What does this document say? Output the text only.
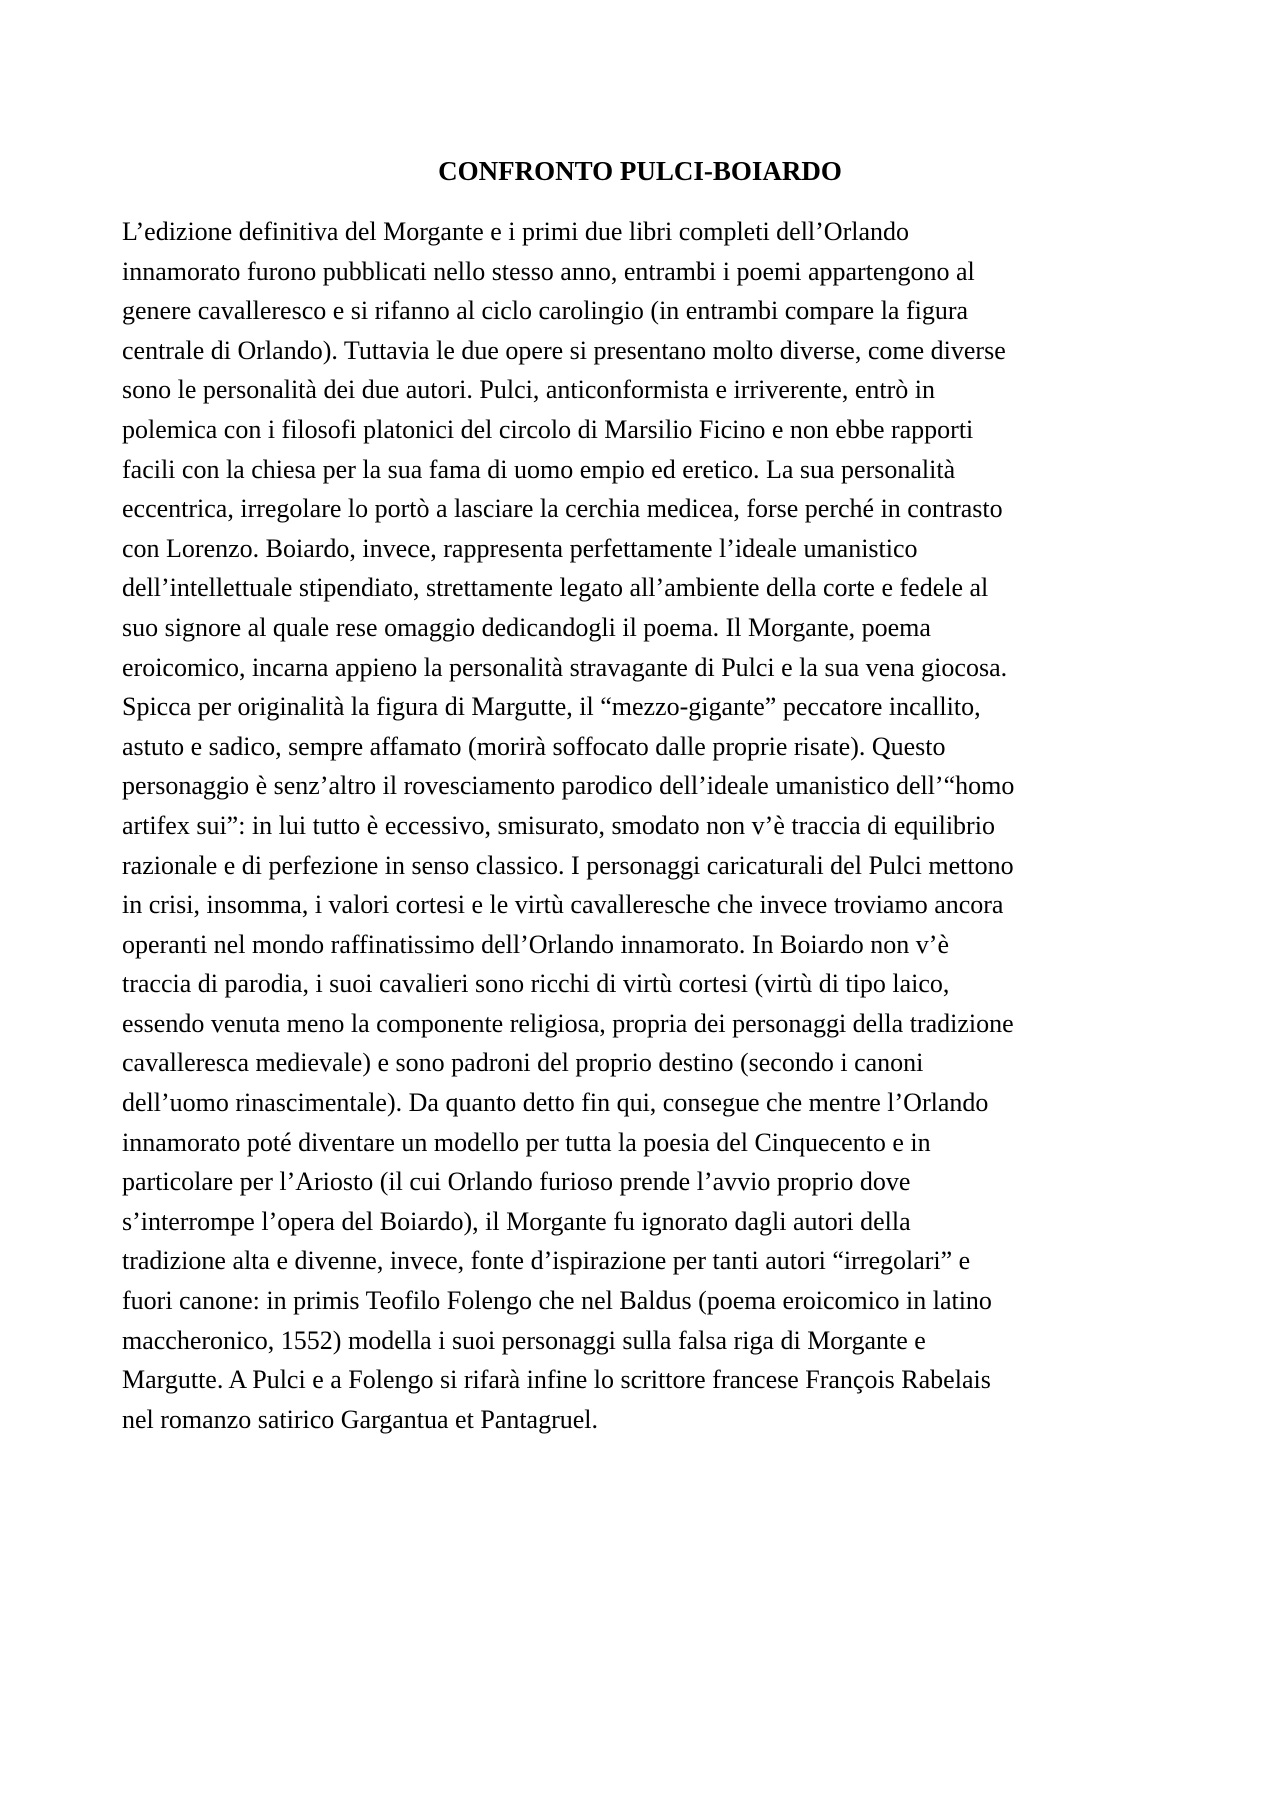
CONFRONTO PULCI-BOIARDO
L’edizione definitiva del Morgante e i primi due libri completi dell’Orlando
innamorato furono pubblicati nello stesso anno, entrambi i poemi appartengono al
genere cavalleresco e si rifanno al ciclo carolingio (in entrambi compare la figura
centrale di Orlando). Tuttavia le due opere si presentano molto diverse, come diverse
sono le personalità dei due autori. Pulci, anticonformista e irriverente, entrò in
polemica con i filosofi platonici del circolo di Marsilio Ficino e non ebbe rapporti
facili con la chiesa per la sua fama di uomo empio ed eretico. La sua personalità
eccentrica, irregolare lo portò a lasciare la cerchia medicea, forse perché in contrasto
con Lorenzo. Boiardo, invece, rappresenta perfettamente l’ideale umanistico
dell’intellettuale stipendiato, strettamente legato all’ambiente della corte e fedele al
suo signore al quale rese omaggio dedicandogli il poema. Il Morgante, poema
eroicomico, incarna appieno la personalità stravagante di Pulci e la sua vena giocosa.
Spicca per originalità la figura di Margutte, il “mezzo-gigante” peccatore incallito,
astuto e sadico, sempre affamato (morirà soffocato dalle proprie risate). Questo
personaggio è senz’altro il rovesciamento parodico dell’ideale umanistico dell’“homo
artifex sui”: in lui tutto è eccessivo, smisurato, smodato non v’è traccia di equilibrio
razionale e di perfezione in senso classico. I personaggi caricaturali del Pulci mettono
in crisi, insomma, i valori cortesi e le virtù cavalleresche che invece troviamo ancora
operanti nel mondo raffinatissimo dell’Orlando innamorato. In Boiardo non v’è
traccia di parodia, i suoi cavalieri sono ricchi di virtù cortesi (virtù di tipo laico,
essendo venuta meno la componente religiosa, propria dei personaggi della tradizione
cavalleresca medievale) e sono padroni del proprio destino (secondo i canoni
dell’uomo rinascimentale). Da quanto detto fin qui, consegue che mentre l’Orlando
innamorato poté diventare un modello per tutta la poesia del Cinquecento e in
particolare per l’Ariosto (il cui Orlando furioso prende l’avvio proprio dove
s’interrompe l’opera del Boiardo), il Morgante fu ignorato dagli autori della
tradizione alta e divenne, invece, fonte d’ispirazione per tanti autori “irregolari” e
fuori canone: in primis Teofilo Folengo che nel Baldus (poema eroicomico in latino
maccheronico, 1552) modella i suoi personaggi sulla falsa riga di Morgante e
Margutte. A Pulci e a Folengo si rifarà infine lo scrittore francese François Rabelais
nel romanzo satirico Gargantua et Pantagruel.
